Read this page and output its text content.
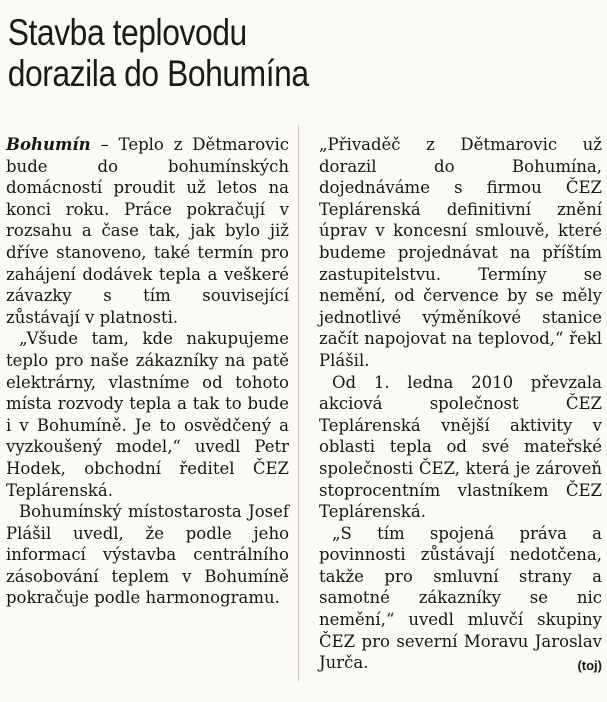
Stavba teplovodu
dorazila do Bohumína

Bohumín – Teplo z Dětmarovic bude do bohumínských domácností proudit už letos na konci roku. Práce pokračují v rozsahu a čase tak, jak bylo již dříve stanoveno, také termín pro zahájení dodávek tepla a veškeré závazky s tím související zůstávají v platnosti.

„Všude tam, kde nakupujeme teplo pro naše zákazníky na patě elektrárny, vlastníme od tohoto místa rozvody tepla a tak to bude i v Bohumíně. Je to osvědčený a vyzkoušený model,“ uvedl Petr Hodek, obchodní ředitel ČEZ Teplárenská.

Bohumínský místostarosta Josef Plášil uvedl, že podle jeho informací výstavba centrálního zásobování teplem v Bohumíně pokračuje podle harmonogramu.

„Přivaděč z Dětmarovic už dorazil do Bohumína, dojednáváme s firmou ČEZ Teplárenská definitivní znění úprav v koncesní smlouvě, které budeme projednávat na příštím zastupitelstvu. Termíny se nemění, od července by se měly jednotlivé výměníkové stanice začít napojovat na teplovod,“ řekl Plášil.

Od 1. ledna 2010 převzala akciová společnost ČEZ Teplárenská vnější aktivity v oblasti tepla od své mateřské společnosti ČEZ, která je zároveň stoprocentním vlastníkem ČEZ Teplárenská.

„S tím spojená práva a povinnosti zůstávají nedotčena, takže pro smluvní strany a samotné zákazníky se nic nemění,“ uvedl mluvčí skupiny ČEZ pro severní Moravu Jaroslav Jurča.	(toj)
